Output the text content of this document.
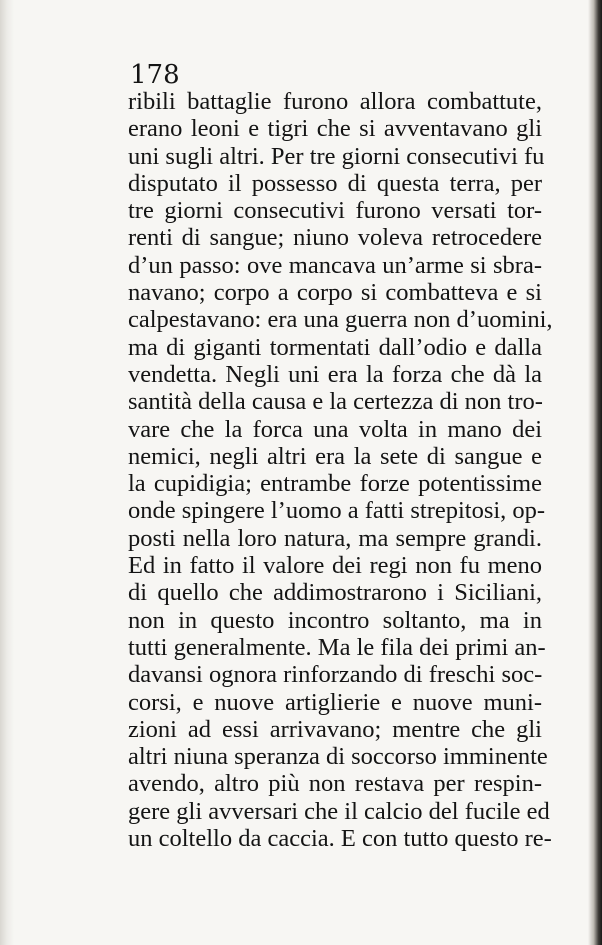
178

ribili battaglie furono allora combattute,
erano leoni e tigri che si avventavano gli
uni sugli altri. Per tre giorni consecutivi fu
disputato il possesso di questa terra, per
tre giorni consecutivi furono versati tor-
renti di sangue; niuno voleva retrocedere
d’un passo: ove mancava un’arme si sbra-
navano; corpo a corpo si combatteva e si
calpestavano: era una guerra non d’uomini,
ma di giganti tormentati dall’odio e dalla
vendetta. Negli uni era la forza che dà la
santità della causa e la certezza di non tro-
vare che la forca una volta in mano dei
nemici, negli altri era la sete di sangue e
la cupidigia; entrambe forze potentissime
onde spingere l’uomo a fatti strepitosi, op-
posti nella loro natura, ma sempre grandi.
Ed in fatto il valore dei regi non fu meno
di quello che addimostrarono i Siciliani,
non in questo incontro soltanto, ma in
tutti generalmente. Ma le fila dei primi an-
davansi ognora rinforzando di freschi soc-
corsi, e nuove artiglierie e nuove muni-
zioni ad essi arrivavano; mentre che gli
altri niuna speranza di soccorso imminente
avendo, altro più non restava per respin-
gere gli avversari che il calcio del fucile ed
un coltello da caccia. E con tutto questo re-
